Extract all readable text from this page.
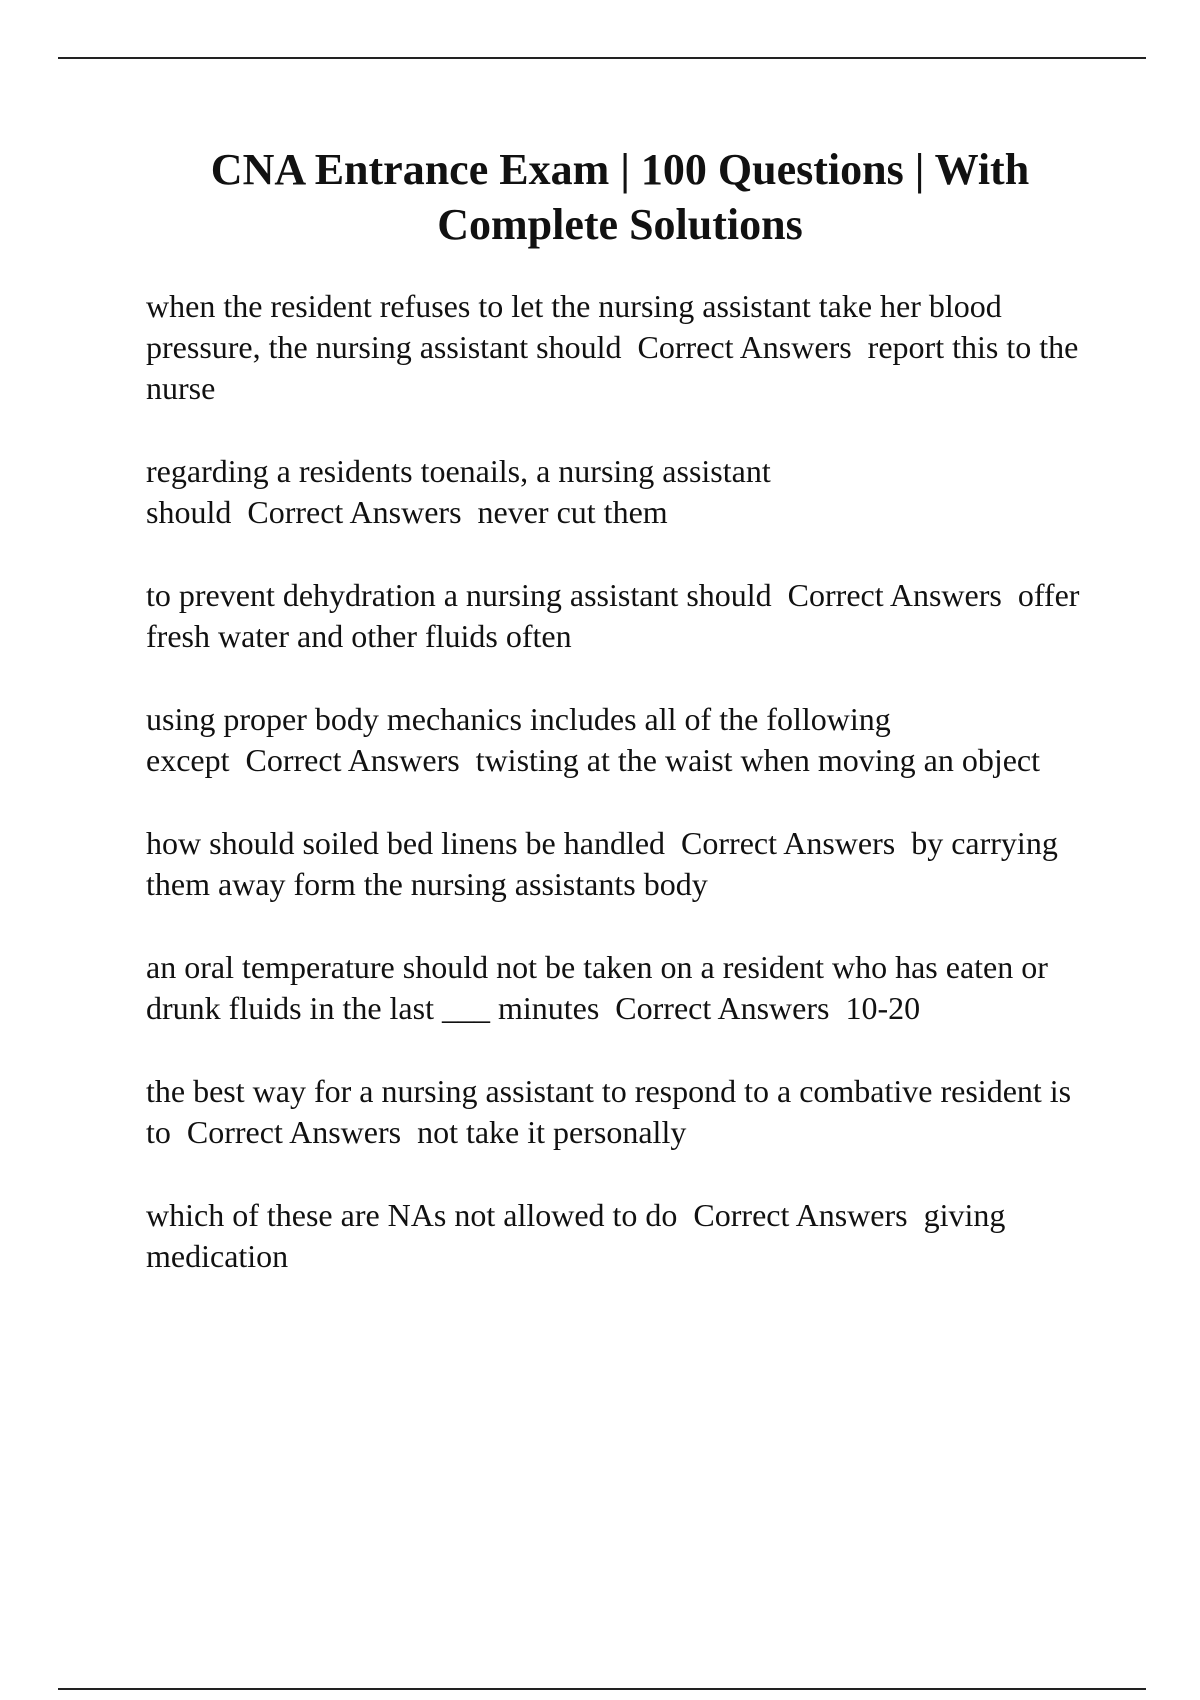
CNA Entrance Exam | 100 Questions | With Complete Solutions
when the resident refuses to let the nursing assistant take her blood pressure, the nursing assistant should  Correct Answers  report this to the nurse
regarding a residents toenails, a nursing assistant should  Correct Answers  never cut them
to prevent dehydration a nursing assistant should  Correct Answers  offer fresh water and other fluids often
using proper body mechanics includes all of the following except  Correct Answers  twisting at the waist when moving an object
how should soiled bed linens be handled  Correct Answers  by carrying them away form the nursing assistants body
an oral temperature should not be taken on a resident who has eaten or drunk fluids in the last ___ minutes  Correct Answers  10-20
the best way for a nursing assistant to respond to a combative resident is to  Correct Answers  not take it personally
which of these are NAs not allowed to do  Correct Answers  giving medication
